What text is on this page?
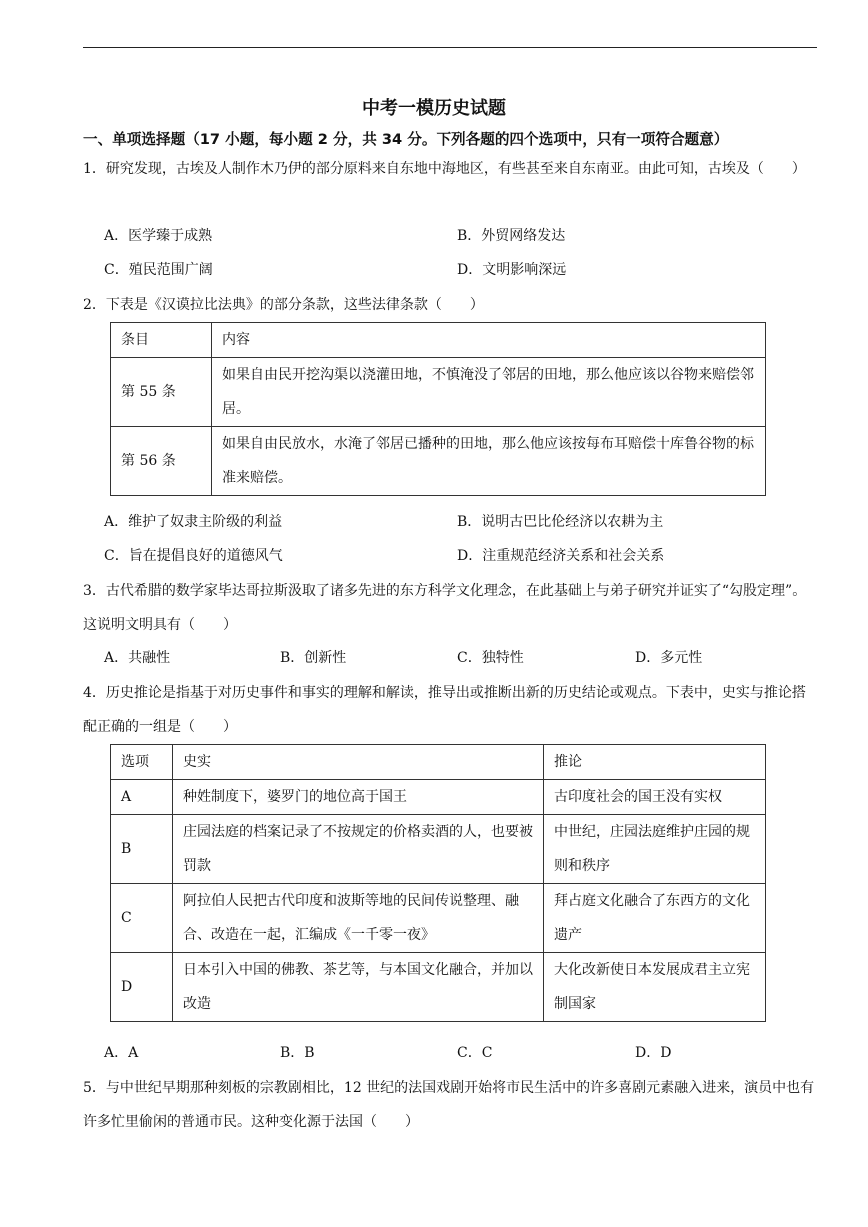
中考一模历史试题
一、单项选择题（17 小题，每小题 2 分，共 34 分。下列各题的四个选项中，只有一项符合题意）
1．研究发现，古埃及人制作木乃伊的部分原料来自东地中海地区，有些甚至来自东南亚。由此可知，古埃及（　　）
A．医学臻于成熟	B．外贸网络发达
C．殖民范围广阔	D．文明影响深远
2．下表是《汉谟拉比法典》的部分条款，这些法律条款（　　）
条目	内容
第 55 条	如果自由民开挖沟渠以浇灌田地，不慎淹没了邻居的田地，那么他应该以谷物来赔偿邻居。
第 56 条	如果自由民放水，水淹了邻居已播种的田地，那么他应该按每布耳赔偿十库鲁谷物的标准来赔偿。
A．维护了奴隶主阶级的利益	B．说明古巴比伦经济以农耕为主
C．旨在提倡良好的道德风气	D．注重规范经济关系和社会关系
3．古代希腊的数学家毕达哥拉斯汲取了诸多先进的东方科学文化理念，在此基础上与弟子研究并证实了“勾股定理”。这说明文明具有（　　）
A．共融性	B．创新性	C．独特性	D．多元性
4．历史推论是指基于对历史事件和事实的理解和解读，推导出或推断出新的历史结论或观点。下表中，史实与推论搭配正确的一组是（　　）
选项	史实	推论
A	种姓制度下，婆罗门的地位高于国王	古印度社会的国王没有实权
B	庄园法庭的档案记录了不按规定的价格卖酒的人，也要被罚款	中世纪，庄园法庭维护庄园的规则和秩序
C	阿拉伯人民把古代印度和波斯等地的民间传说整理、融合、改造在一起，汇编成《一千零一夜》	拜占庭文化融合了东西方的文化遗产
D	日本引入中国的佛教、茶艺等，与本国文化融合，并加以改造	大化改新使日本发展成君主立宪制国家
A．A	B．B	C．C	D．D
5．与中世纪早期那种刻板的宗教剧相比，12 世纪的法国戏剧开始将市民生活中的许多喜剧元素融入进来，演员中也有许多忙里偷闲的普通市民。这种变化源于法国（　　）
